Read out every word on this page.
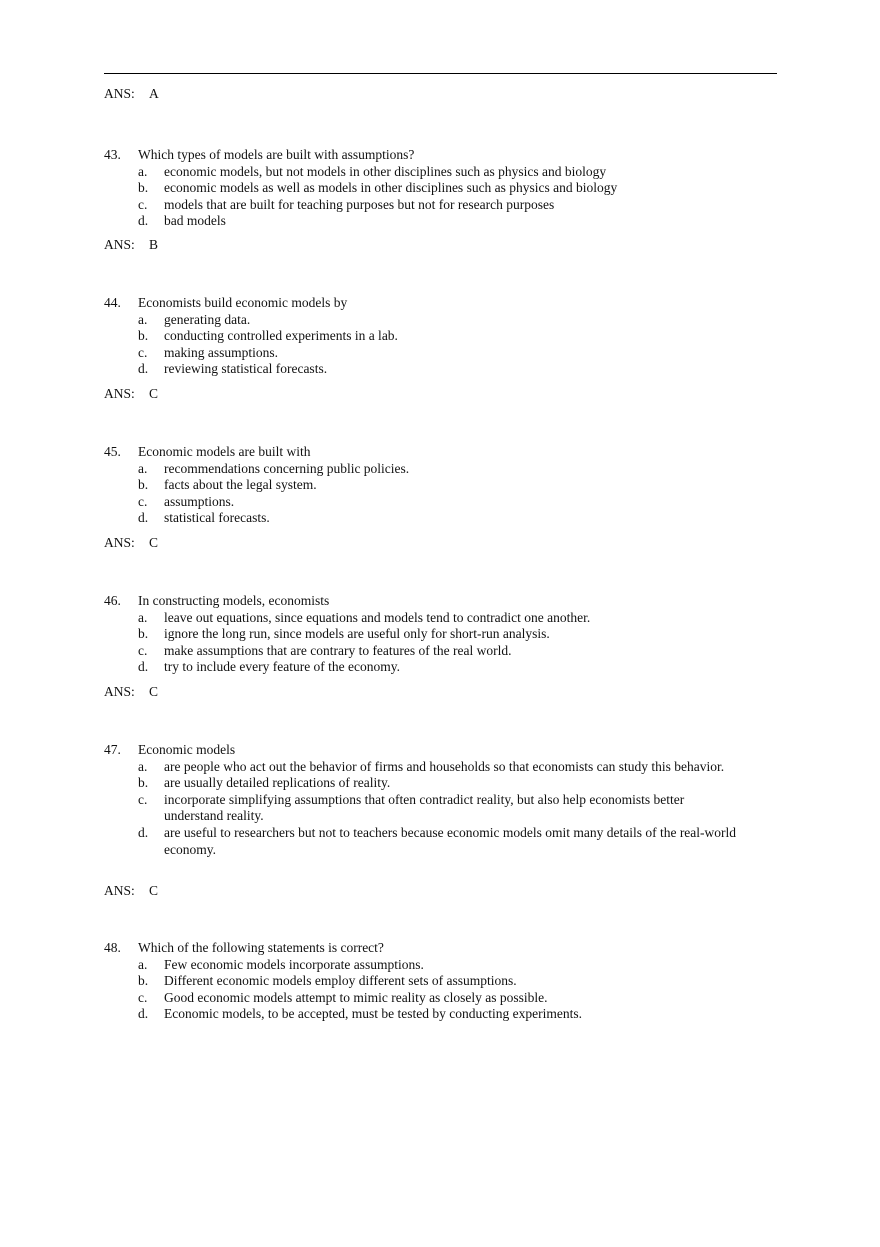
ANS: A
43. Which types of models are built with assumptions?
a. economic models, but not models in other disciplines such as physics and biology
b. economic models as well as models in other disciplines such as physics and biology
c. models that are built for teaching purposes but not for research purposes
d. bad models
ANS: B
44. Economists build economic models by
a. generating data.
b. conducting controlled experiments in a lab.
c. making assumptions.
d. reviewing statistical forecasts.
ANS: C
45. Economic models are built with
a. recommendations concerning public policies.
b. facts about the legal system.
c. assumptions.
d. statistical forecasts.
ANS: C
46. In constructing models, economists
a. leave out equations, since equations and models tend to contradict one another.
b. ignore the long run, since models are useful only for short-run analysis.
c. make assumptions that are contrary to features of the real world.
d. try to include every feature of the economy.
ANS: C
47. Economic models
a. are people who act out the behavior of firms and households so that economists can study this behavior.
b. are usually detailed replications of reality.
c. incorporate simplifying assumptions that often contradict reality, but also help economists better understand reality.
d. are useful to researchers but not to teachers because economic models omit many details of the real-world economy.
ANS: C
48. Which of the following statements is correct?
a. Few economic models incorporate assumptions.
b. Different economic models employ different sets of assumptions.
c. Good economic models attempt to mimic reality as closely as possible.
d. Economic models, to be accepted, must be tested by conducting experiments.
